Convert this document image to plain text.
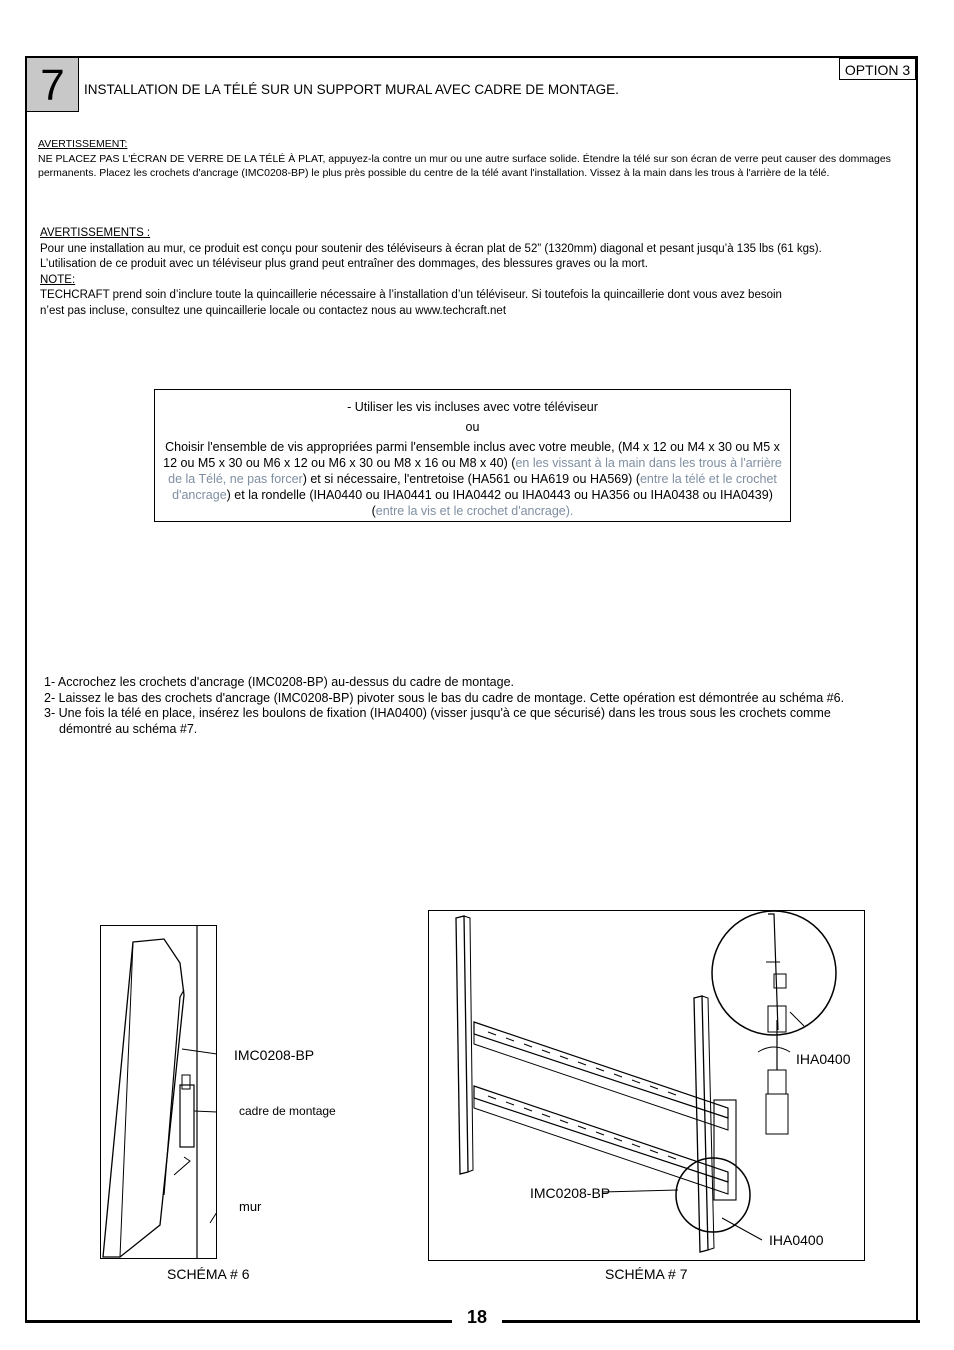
7	OPTION 3
INSTALLATION DE LA TÉLÉ SUR UN SUPPORT MURAL AVEC CADRE DE MONTAGE.
AVERTISSEMENT:
NE PLACEZ PAS L'ÉCRAN DE VERRE DE LA TÉLÉ À PLAT, appuyez-la contre un mur ou une autre surface solide. Étendre la télé sur son écran de verre peut causer des dommages permanents. Placez les crochets d'ancrage (IMC0208-BP) le plus près possible du centre de la télé avant l'installation. Vissez à la main dans les trous à l'arrière de la télé.
AVERTISSEMENTS :
Pour une installation au mur, ce produit est conçu pour soutenir des téléviseurs à écran plat de 52” (1320mm) diagonal et pesant jusqu’à 135 lbs (61 kgs).
L’utilisation de ce produit avec un téléviseur plus grand peut entraîner des dommages, des blessures graves ou la mort.
NOTE:
TECHCRAFT prend soin d’inclure toute la quincaillerie nécessaire à l’installation d’un téléviseur. Si toutefois la quincaillerie dont vous avez besoin
n’est pas incluse, consultez une quincaillerie locale ou contactez nous au www.techcraft.net
- Utiliser les vis incluses avec votre téléviseur
ou
Choisir l'ensemble de vis appropriées parmi l'ensemble inclus avec votre meuble, (M4 x 12 ou M4 x 30 ou M5 x 12 ou M5 x 30 ou M6 x 12 ou M6 x 30 ou M8 x 16 ou M8 x 40) (en les vissant à la main dans les trous à l'arrière de la Télé, ne pas forcer) et si nécessaire, l'entretoise (HA561 ou HA619 ou HA569) (entre la télé et le crochet d'ancrage) et la rondelle (IHA0440 ou IHA0441 ou IHA0442 ou IHA0443 ou HA356 ou IHA0438 ou IHA0439) (entre la vis et le crochet d'ancrage).
1- Accrochez les crochets d'ancrage (IMC0208-BP) au-dessus du cadre de montage.
2- Laissez le bas des crochets d'ancrage (IMC0208-BP) pivoter sous le bas du cadre de montage. Cette opération est démontrée au schéma #6.
3- Une fois la télé en place, insérez les boulons de fixation (IHA0400) (visser jusqu'à ce que sécurisé) dans les trous sous les crochets comme
démontré au schéma #7.
IMC0208-BP
cadre de montage
mur
SCHÉMA # 6
IHA0400
IMC0208-BP
IHA0400
SCHÉMA # 7
18
